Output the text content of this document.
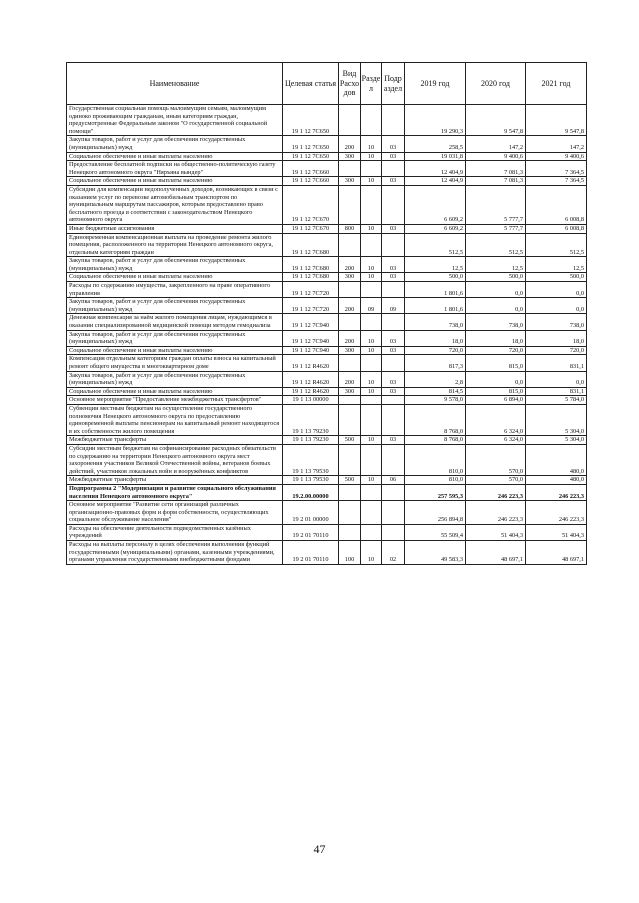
Наименование	Целевая статья	Вид Расхо дов	Разде л	Подр аздел	2019 год	2020 год	2021 год
Государственная социальная помощь малоимущим семьям, малоимущим одиноко проживающим гражданам, иным категориям граждан, предусмотренные Федеральным законом "О государственной социальной помощи"	19 1 12 7С650				19 290,3	9 547,8	9 547,8
Закупка товаров, работ и услуг для обеспечения государственных (муниципальных) нужд	19 1 12 7С650	200	10	03	258,5	147,2	147,2
Социальное обеспечение и иные выплаты населению	19 1 12 7С650	300	10	03	19 031,8	9 400,6	9 400,6
Предоставление бесплатной подписки на общественно-политическую газету Ненецкого автономного округа "Няръяна вындер"	19 1 12 7С660				12 404,9	7 081,3	7 364,5
Социальное обеспечение и иные выплаты населению	19 1 12 7С660	300	10	03	12 404,9	7 081,3	7 364,5
Субсидии для компенсации недополученных доходов, возникающих в связи с оказанием услуг по перевозке автомобильным транспортом по муниципальным маршрутам пассажиров, которым предоставлено право бесплатного проезда в соответствии с законодательством Ненецкого автономного округа	19 1 12 7С670				6 609,2	5 777,7	6 008,8
Иные бюджетные ассигнования	19 1 12 7С670	800	10	03	6 609,2	5 777,7	6 008,8
Единовременная компенсационная выплата на проведение ремонта жилого помещения, расположенного на территории Ненецкого автономного округа, отдельным категориям граждан	19 1 12 7С680				512,5	512,5	512,5
Закупка товаров, работ и услуг для обеспечения государственных (муниципальных) нужд	19 1 12 7С680	200	10	03	12,5	12,5	12,5
Социальное обеспечение и иные выплаты населению	19 1 12 7С680	300	10	03	500,0	500,0	500,0
Расходы по содержанию имущества, закрепленного на праве оперативного управления	19 1 12 7С720				1 801,6	0,0	0,0
Закупка товаров, работ и услуг для обеспечения государственных (муниципальных) нужд	19 1 12 7С720	200	09	09	1 801,6	0,0	0,0
Денежная компенсация за наём жилого помещения лицам, нуждающимся в оказании специализированной медицинской помощи методом гемодиализа	19 1 12 7С940				738,0	738,0	738,0
Закупка товаров, работ и услуг для обеспечения государственных (муниципальных) нужд	19 1 12 7С940	200	10	03	18,0	18,0	18,0
Социальное обеспечение и иные выплаты населению	19 1 12 7С940	300	10	03	720,0	720,0	720,0
Компенсация отдельным категориям граждан оплаты взноса на капитальный ремонт общего имущества в многоквартирном доме	19 1 12 R4620				817,3	815,0	831,1
Закупка товаров, работ и услуг для обеспечения государственных (муниципальных) нужд	19 1 12 R4620	200	10	03	2,8	0,0	0,0
Социальное обеспечение и иные выплаты населению	19 1 12 R4620	300	10	03	814,5	815,0	831,1
Основное мероприятие "Предоставление межбюджетных трансфертов"	19 1 13 00000				9 578,0	6 894,0	5 784,0
Субвенции местным бюджетам на осуществление государственного полномочия Ненецкого автономного округа по предоставлению единовременной выплаты пенсионерам на капитальный ремонт находящегося в их собственности жилого помещения	19 1 13 79230				8 768,0	6 324,0	5 304,0
Межбюджетные трансферты	19 1 13 79230	500	10	03	8 768,0	6 324,0	5 304,0
Субсидии местным бюджетам на софинансирование расходных обязательств по содержанию на территории Ненецкого автономного округа мест захоронения участников Великой Отечественной войны, ветеранов боевых действий, участников локальных войн и вооружённых конфликтов	19 1 13 79530				810,0	570,0	480,0
Межбюджетные трансферты	19 1 13 79530	500	10	06	810,0	570,0	480,0
Подпрограмма 2 "Модернизация и развитие социального обслуживания населения Ненецкого автономного округа"	19.2.00.00000				257 595,3	246 223,3	246 223,3
Основное мероприятие "Развитие сети организаций различных организационно-правовых форм и форм собственности, осуществляющих социальное обслуживание населения"	19 2 01 00000				256 894,8	246 223,3	246 223,3
Расходы на обеспечение деятельности подведомственных казённых учреждений	19 2 01 70110				55 509,4	51 404,3	51 404,3
Расходы на выплаты персоналу в целях обеспечения выполнения функций государственными (муниципальными) органами, казенными учреждениями, органами управления государственными внебюджетными фондами	19 2 01 70110	100	10	02	49 583,3	48 697,1	48 697,1
47
